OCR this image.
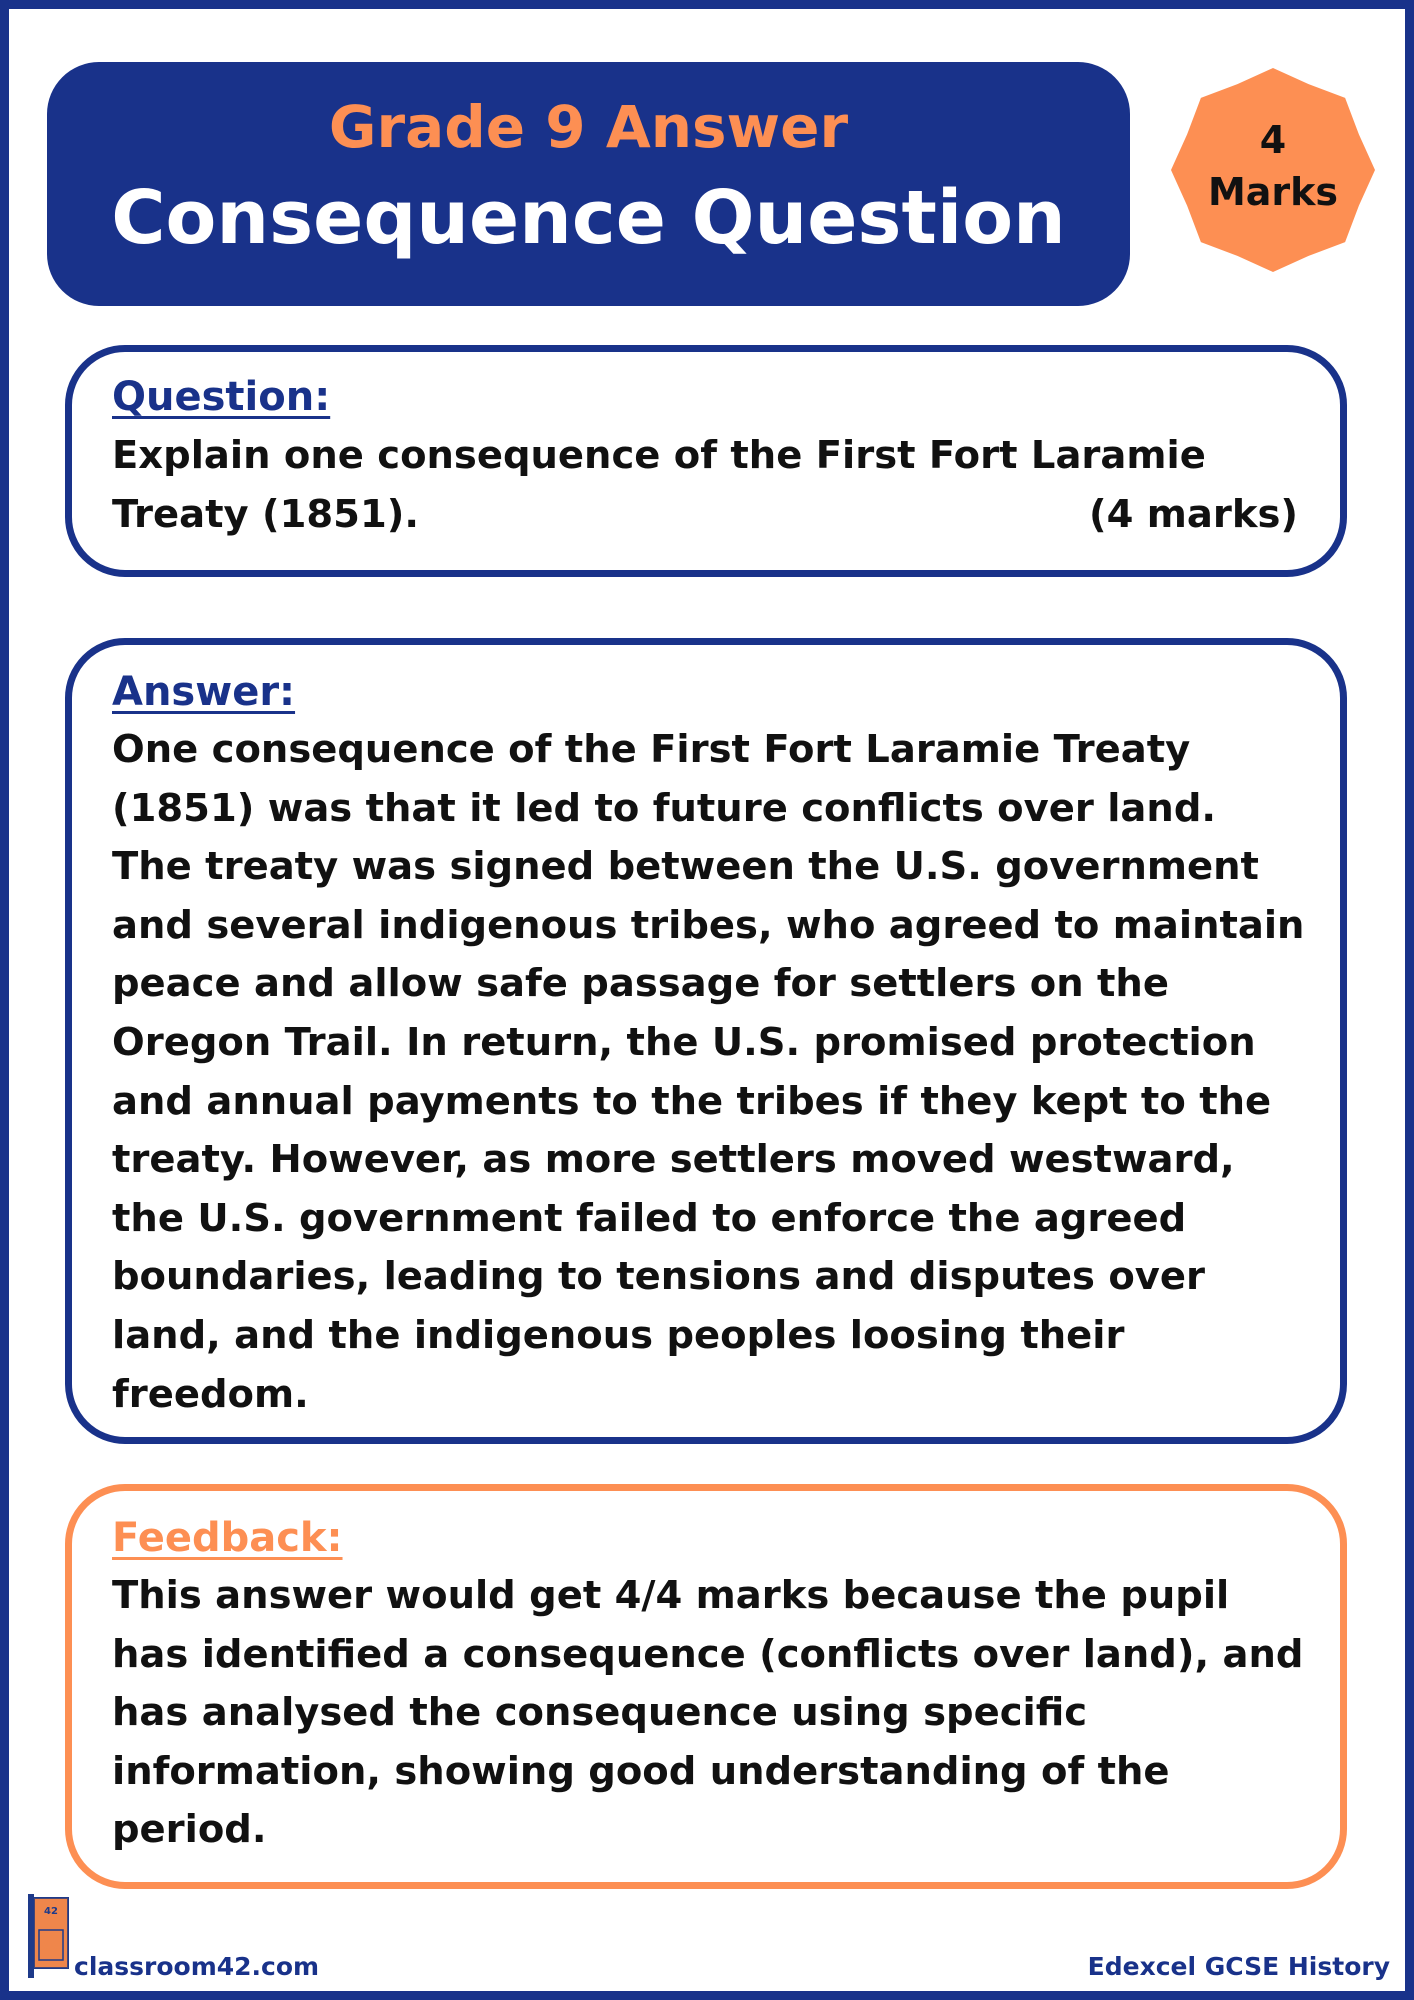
Grade 9 Answer
Consequence Question
4
Marks
Question:
Explain one consequence of the First Fort Laramie Treaty (1851).	(4 marks)
Answer:
One consequence of the First Fort Laramie Treaty (1851) was that it led to future conflicts over land. The treaty was signed between the U.S. government and several indigenous tribes, who agreed to maintain peace and allow safe passage for settlers on the Oregon Trail. In return, the U.S. promised protection and annual payments to the tribes if they kept to the treaty. However, as more settlers moved westward, the U.S. government failed to enforce the agreed boundaries, leading to tensions and disputes over land, and the indigenous peoples loosing their freedom.
Feedback:
This answer would get 4/4 marks because the pupil has identified a consequence (conflicts over land), and has analysed the consequence using specific information, showing good understanding of the period.
42
classroom42.com	Edexcel GCSE History
